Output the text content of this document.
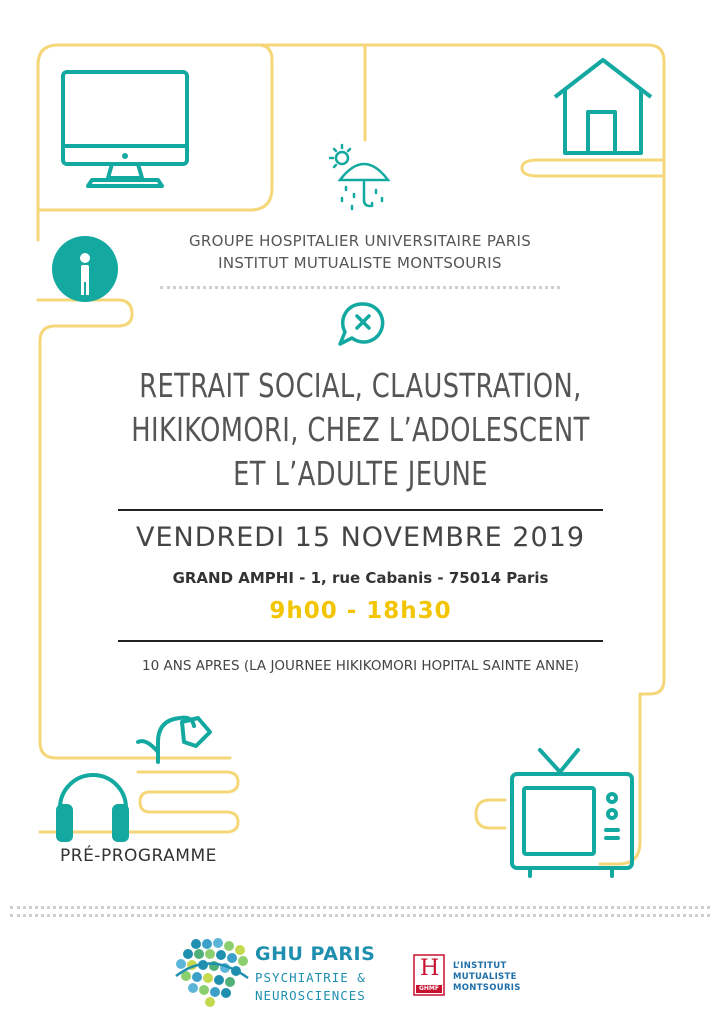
GROUPE HOSPITALIER UNIVERSITAIRE PARIS
INSTITUT MUTUALISTE MONTSOURIS
RETRAIT SOCIAL, CLAUSTRATION,
HIKIKOMORI, CHEZ L’ADOLESCENT
ET L’ADULTE JEUNE
VENDREDI 15 NOVEMBRE 2019
GRAND AMPHI - 1, rue Cabanis - 75014 Paris
9h00 - 18h30
10 ANS APRES (LA JOURNEE HIKIKOMORI HOPITAL SAINTE ANNE)
PRÉ-PROGRAMME
GHU PARIS
PSYCHIATRIE &
NEUROSCIENCES
H
GHMF
L’INSTITUT
MUTUALISTE
MONTSOURIS
